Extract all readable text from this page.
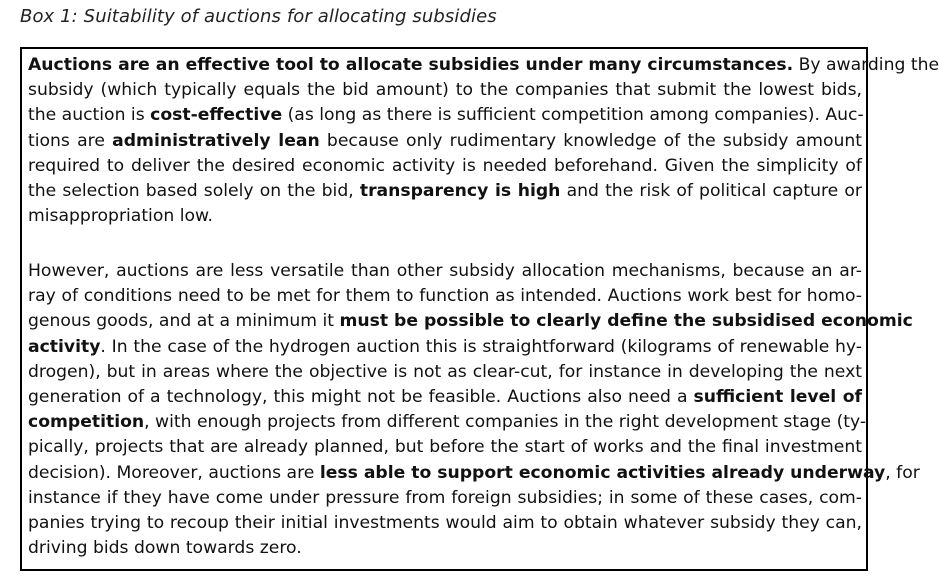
Box 1: Suitability of auctions for allocating subsidies
Auctions are an effective tool to allocate subsidies under many circumstances. By awarding the
subsidy (which typically equals the bid amount) to the companies that submit the lowest bids,
the auction is cost-effective (as long as there is sufficient competition among companies). Auc-
tions are administratively lean because only rudimentary knowledge of the subsidy amount
required to deliver the desired economic activity is needed beforehand. Given the simplicity of
the selection based solely on the bid, transparency is high and the risk of political capture or
misappropriation low.
However, auctions are less versatile than other subsidy allocation mechanisms, because an ar-
ray of conditions need to be met for them to function as intended. Auctions work best for homo-
genous goods, and at a minimum it must be possible to clearly define the subsidised economic
activity. In the case of the hydrogen auction this is straightforward (kilograms of renewable hy-
drogen), but in areas where the objective is not as clear-cut, for instance in developing the next
generation of a technology, this might not be feasible. Auctions also need a sufficient level of
competition, with enough projects from different companies in the right development stage (ty-
pically, projects that are already planned, but before the start of works and the final investment
decision). Moreover, auctions are less able to support economic activities already underway, for
instance if they have come under pressure from foreign subsidies; in some of these cases, com-
panies trying to recoup their initial investments would aim to obtain whatever subsidy they can,
driving bids down towards zero.
